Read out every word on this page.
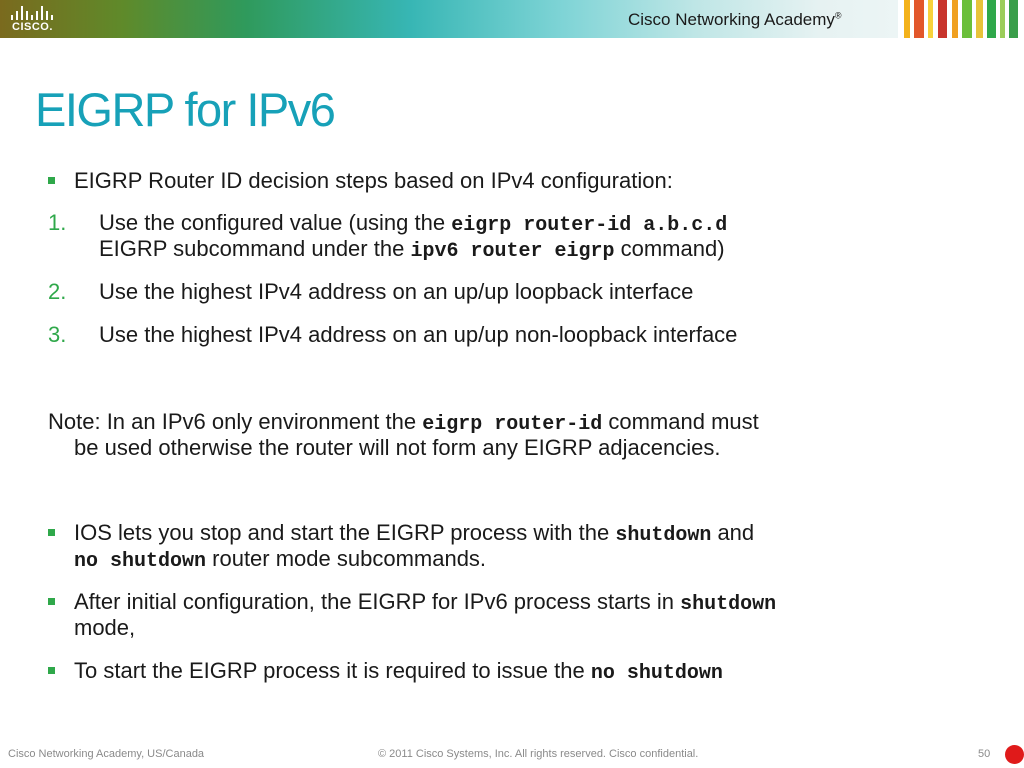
CISCO.	Cisco Networking Academy®
EIGRP for IPv6
EIGRP Router ID decision steps based on IPv4 configuration:
1. Use the configured value (using the eigrp router-id a.b.c.d
EIGRP subcommand under the ipv6 router eigrp command)
2. Use the highest IPv4 address on an up/up loopback interface
3. Use the highest IPv4 address on an up/up non-loopback interface
Note: In an IPv6 only environment the eigrp router-id command must
be used otherwise the router will not form any EIGRP adjacencies.
IOS lets you stop and start the EIGRP process with the shutdown and
no shutdown router mode subcommands.
After initial configuration, the EIGRP for IPv6 process starts in shutdown
mode,
To start the EIGRP process it is required to issue the no shutdown
Cisco Networking Academy, US/Canada	© 2011 Cisco Systems, Inc. All rights reserved. Cisco confidential.	50
